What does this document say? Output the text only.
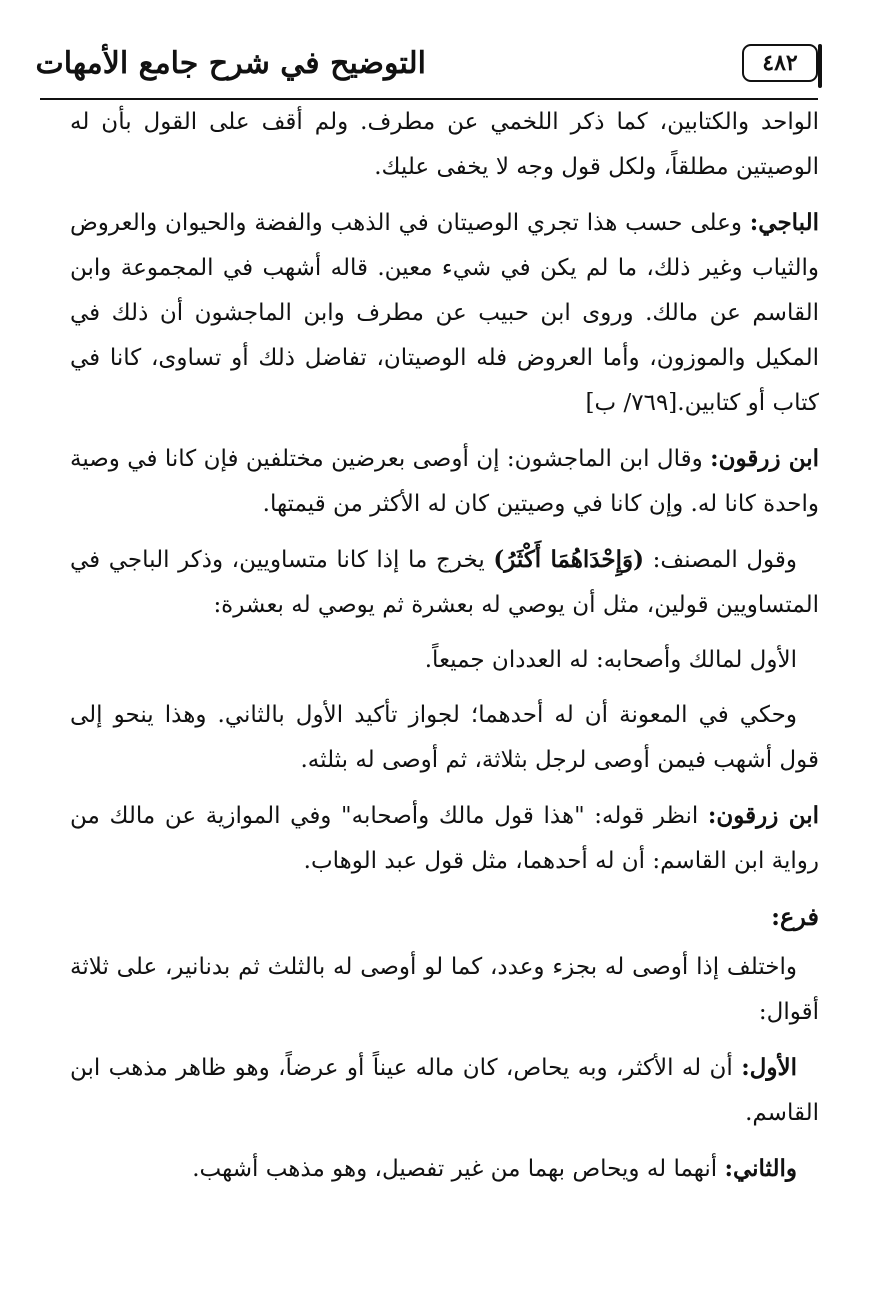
٤٨٢
التوضيح في شرح جامع الأمهات

الواحد والكتابين، كما ذكر اللخمي عن مطرف. ولم أقف على القول بأن له الوصيتين مطلقاً، ولكل قول وجه لا يخفى عليك.

الباجي: وعلى حسب هذا تجري الوصيتان في الذهب والفضة والحيوان والعروض والثياب وغير ذلك، ما لم يكن في شيء معين. قاله أشهب في المجموعة وابن القاسم عن مالك. وروى ابن حبيب عن مطرف وابن الماجشون أن ذلك في المكيل والموزون، وأما العروض فله الوصيتان، تفاضل ذلك أو تساوى، كانا في كتاب أو كتابين.[٧٦٩/ ب]

ابن زرقون: وقال ابن الماجشون: إن أوصى بعرضين مختلفين فإن كانا في وصية واحدة كانا له. وإن كانا في وصيتين كان له الأكثر من قيمتها.

وقول المصنف: (وَإِحْدَاهُمَا أَكْثَرُ) يخرج ما إذا كانا متساويين، وذكر الباجي في المتساويين قولين، مثل أن يوصي له بعشرة ثم يوصي له بعشرة:

الأول لمالك وأصحابه: له العددان جميعاً.

وحكي في المعونة أن له أحدهما؛ لجواز تأكيد الأول بالثاني. وهذا ينحو إلى قول أشهب فيمن أوصى لرجل بثلاثة، ثم أوصى له بثلثه.

ابن زرقون: انظر قوله: "هذا قول مالك وأصحابه" وفي الموازية عن مالك من رواية ابن القاسم: أن له أحدهما، مثل قول عبد الوهاب.

فرع:

واختلف إذا أوصى له بجزء وعدد، كما لو أوصى له بالثلث ثم بدنانير، على ثلاثة أقوال:

الأول: أن له الأكثر، وبه يحاص، كان ماله عيناً أو عرضاً، وهو ظاهر مذهب ابن القاسم.

والثاني: أنهما له ويحاص بهما من غير تفصيل، وهو مذهب أشهب.
